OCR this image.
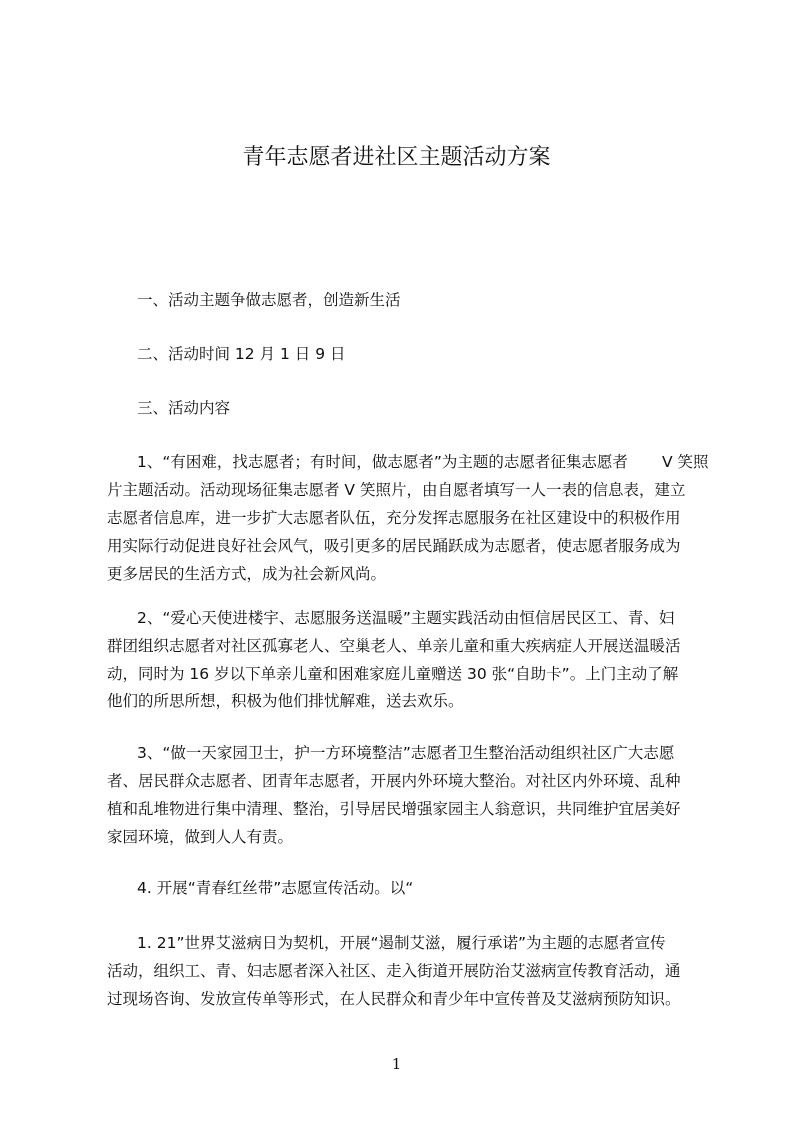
青年志愿者进社区主题活动方案

一、活动主题争做志愿者，创造新生活

二、活动时间 12 月 1 日 9 日

三、活动内容

1、“有困难，找志愿者；有时间，做志愿者”为主题的志愿者征集志愿者 V 笑照

片主题活动。活动现场征集志愿者 V 笑照片，由自愿者填写一人一表的信息表，建立

志愿者信息库，进一步扩大志愿者队伍，充分发挥志愿服务在社区建设中的积极作用

用实际行动促进良好社会风气，吸引更多的居民踊跃成为志愿者，使志愿者服务成为

更多居民的生活方式，成为社会新风尚。

2、“爱心天使进楼宇、志愿服务送温暖”主题实践活动由恒信居民区工、青、妇

群团组织志愿者对社区孤寡老人、空巢老人、单亲儿童和重大疾病症人开展送温暖活

动，同时为 16 岁以下单亲儿童和困难家庭儿童赠送 30 张“自助卡”。上门主动了解

他们的所思所想，积极为他们排忧解难，送去欢乐。

3、“做一天家园卫士，护一方环境整洁”志愿者卫生整治活动组织社区广大志愿

者、居民群众志愿者、团青年志愿者，开展内外环境大整治。对社区内外环境、乱种

植和乱堆物进行集中清理、整治，引导居民增强家园主人翁意识，共同维护宜居美好

家园环境，做到人人有责。

4. 开展“青春红丝带”志愿宣传活动。以“

1. 21”世界艾滋病日为契机，开展“遏制艾滋，履行承诺”为主题的志愿者宣传

活动，组织工、青、妇志愿者深入社区、走入街道开展防治艾滋病宣传教育活动，通

过现场咨询、发放宣传单等形式，在人民群众和青少年中宣传普及艾滋病预防知识。

1
